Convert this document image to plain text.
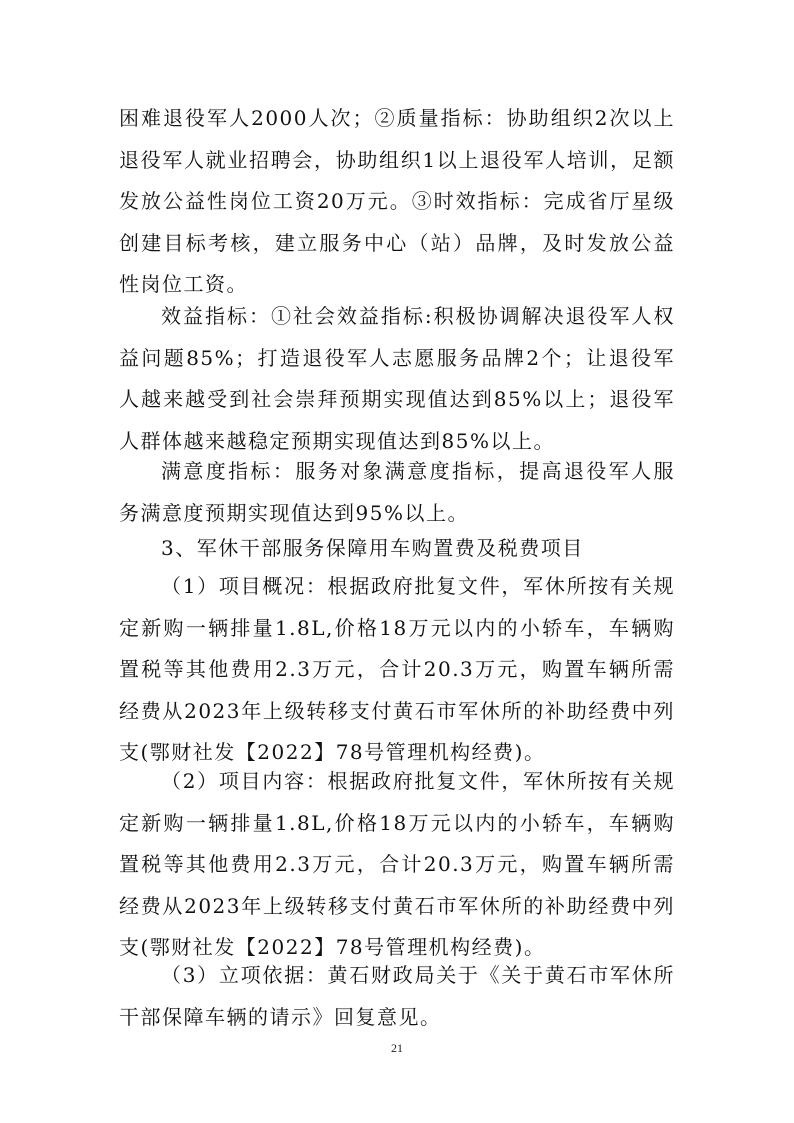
困难退役军人2000人次；②质量指标：协助组织2次以上退役军人就业招聘会，协助组织1以上退役军人培训，足额发放公益性岗位工资20万元。③时效指标：完成省厅星级创建目标考核，建立服务中心（站）品牌，及时发放公益性岗位工资。

效益指标：①社会效益指标:积极协调解决退役军人权益问题85%；打造退役军人志愿服务品牌2个；让退役军人越来越受到社会崇拜预期实现值达到85%以上；退役军人群体越来越稳定预期实现值达到85%以上。

满意度指标：服务对象满意度指标，提高退役军人服务满意度预期实现值达到95%以上。

3、军休干部服务保障用车购置费及税费项目

（1）项目概况：根据政府批复文件，军休所按有关规定新购一辆排量1.8L,价格18万元以内的小轿车，车辆购置税等其他费用2.3万元，合计20.3万元，购置车辆所需经费从2023年上级转移支付黄石市军休所的补助经费中列支(鄂财社发【2022】78号管理机构经费)。

（2）项目内容：根据政府批复文件，军休所按有关规定新购一辆排量1.8L,价格18万元以内的小轿车，车辆购置税等其他费用2.3万元，合计20.3万元，购置车辆所需经费从2023年上级转移支付黄石市军休所的补助经费中列支(鄂财社发【2022】78号管理机构经费)。

（3）立项依据：黄石财政局关于《关于黄石市军休所干部保障车辆的请示》回复意见。

21
